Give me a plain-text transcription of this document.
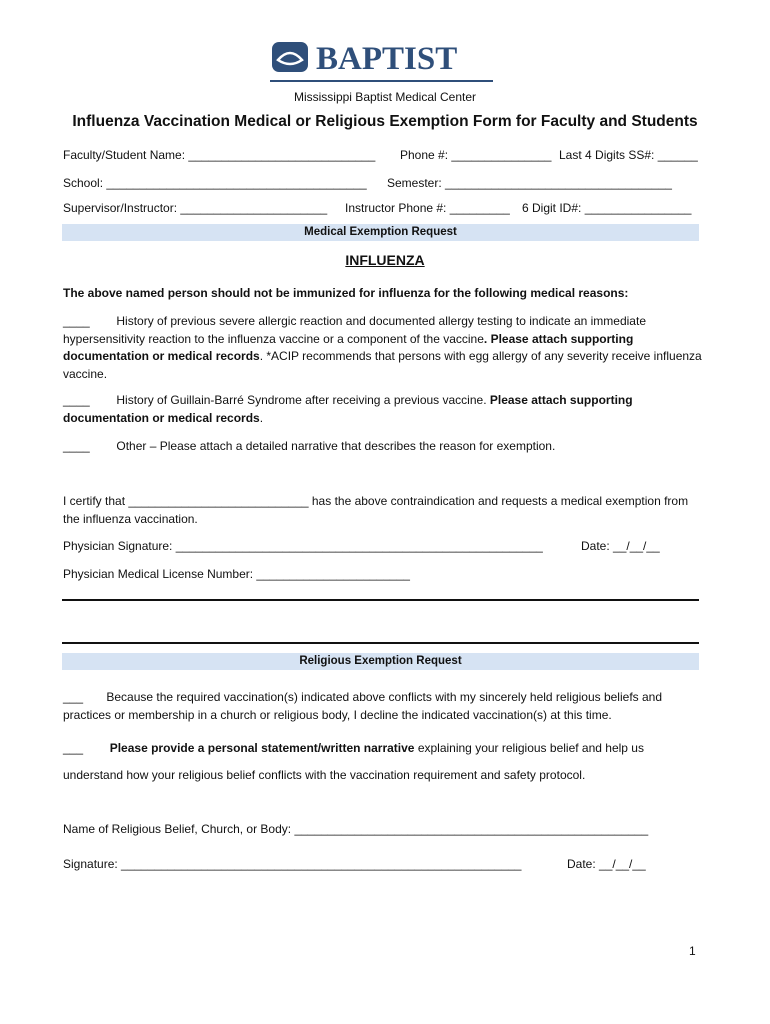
BAPTIST
Mississippi Baptist Medical Center
Influenza Vaccination Medical or Religious Exemption Form for Faculty and Students
Faculty/Student Name: ____________________________ Phone #: _______________ Last 4 Digits SS#: ______
School: _______________________________________ Semester: __________________________________
Supervisor/Instructor: ______________________ Instructor Phone #: _________ 6 Digit ID#: ________________
Medical Exemption Request
INFLUENZA
The above named person should not be immunized for influenza for the following medical reasons:
____ History of previous severe allergic reaction and documented allergy testing to indicate an immediate hypersensitivity reaction to the influenza vaccine or a component of the vaccine. Please attach supporting documentation or medical records. *ACIP recommends that persons with egg allergy of any severity receive influenza vaccine.
____ History of Guillain-Barré Syndrome after receiving a previous vaccine. Please attach supporting documentation or medical records.
____ Other – Please attach a detailed narrative that describes the reason for exemption.
I certify that ___________________________ has the above contraindication and requests a medical exemption from the influenza vaccination.
Physician Signature: _______________________________________________________	Date: __/__/__
Physician Medical License Number: _______________________
Religious Exemption Request
___ Because the required vaccination(s) indicated above conflicts with my sincerely held religious beliefs and practices or membership in a church or religious body, I decline the indicated vaccination(s) at this time.
___ Please provide a personal statement/written narrative explaining your religious belief and help us
understand how your religious belief conflicts with the vaccination requirement and safety protocol.
Name of Religious Belief, Church, or Body: _____________________________________________________
Signature: ____________________________________________________________	Date: __/__/__
1
